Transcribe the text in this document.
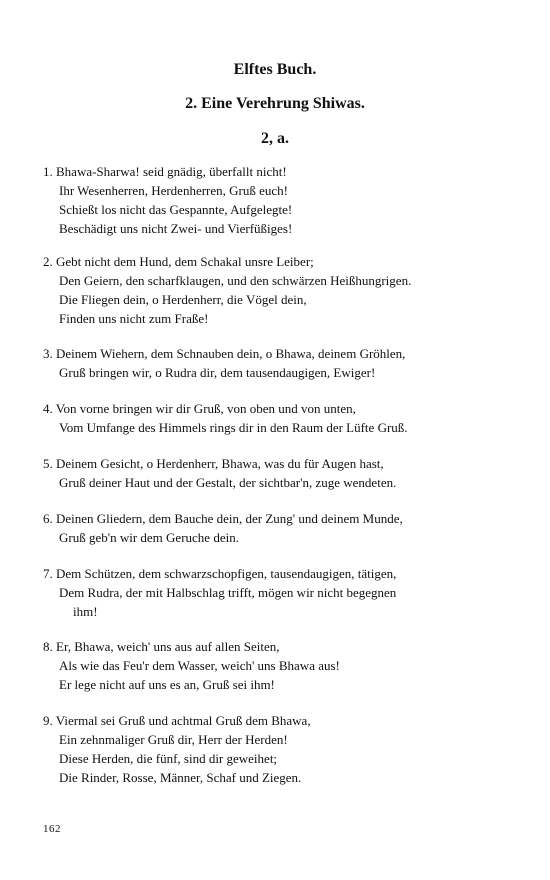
Elftes Buch.
2. Eine Verehrung Shiwas.
2, a.

1. Bhawa-Sharwa! seid gnädig, überfallt nicht!
Ihr Wesenherren, Herdenherren, Gruß euch!
Schießt los nicht das Gespannte, Aufgelegte!
Beschädigt uns nicht Zwei- und Vierfüßiges!

2. Gebt nicht dem Hund, dem Schakal unsre Leiber;
Den Geiern, den scharfklaugen, und den schwärzen Heißhungrigen.
Die Fliegen dein, o Herdenherr, die Vögel dein,
Finden uns nicht zum Fraße!

3. Deinem Wiehern, dem Schnauben dein, o Bhawa, deinem Gröhlen,
Gruß bringen wir, o Rudra dir, dem tausendaugigen, Ewiger!

4. Von vorne bringen wir dir Gruß, von oben und von unten,
Vom Umfange des Himmels rings dir in den Raum der Lüfte Gruß.

5. Deinem Gesicht, o Herdenherr, Bhawa, was du für Augen hast,
Gruß deiner Haut und der Gestalt, der sichtbar'n, zuge wendeten.

6. Deinen Gliedern, dem Bauche dein, der Zung' und deinem Munde,
Gruß geb'n wir dem Geruche dein.

7. Dem Schützen, dem schwarzschopfigen, tausendaugigen, tätigen,
Dem Rudra, der mit Halbschlag trifft, mögen wir nicht begegnen
ihm!

8. Er, Bhawa, weich' uns aus auf allen Seiten,
Als wie das Feu'r dem Wasser, weich' uns Bhawa aus!
Er lege nicht auf uns es an, Gruß sei ihm!

9. Viermal sei Gruß und achtmal Gruß dem Bhawa,
Ein zehnmaliger Gruß dir, Herr der Herden!
Diese Herden, die fünf, sind dir geweihet;
Die Rinder, Rosse, Männer, Schaf und Ziegen.

162
